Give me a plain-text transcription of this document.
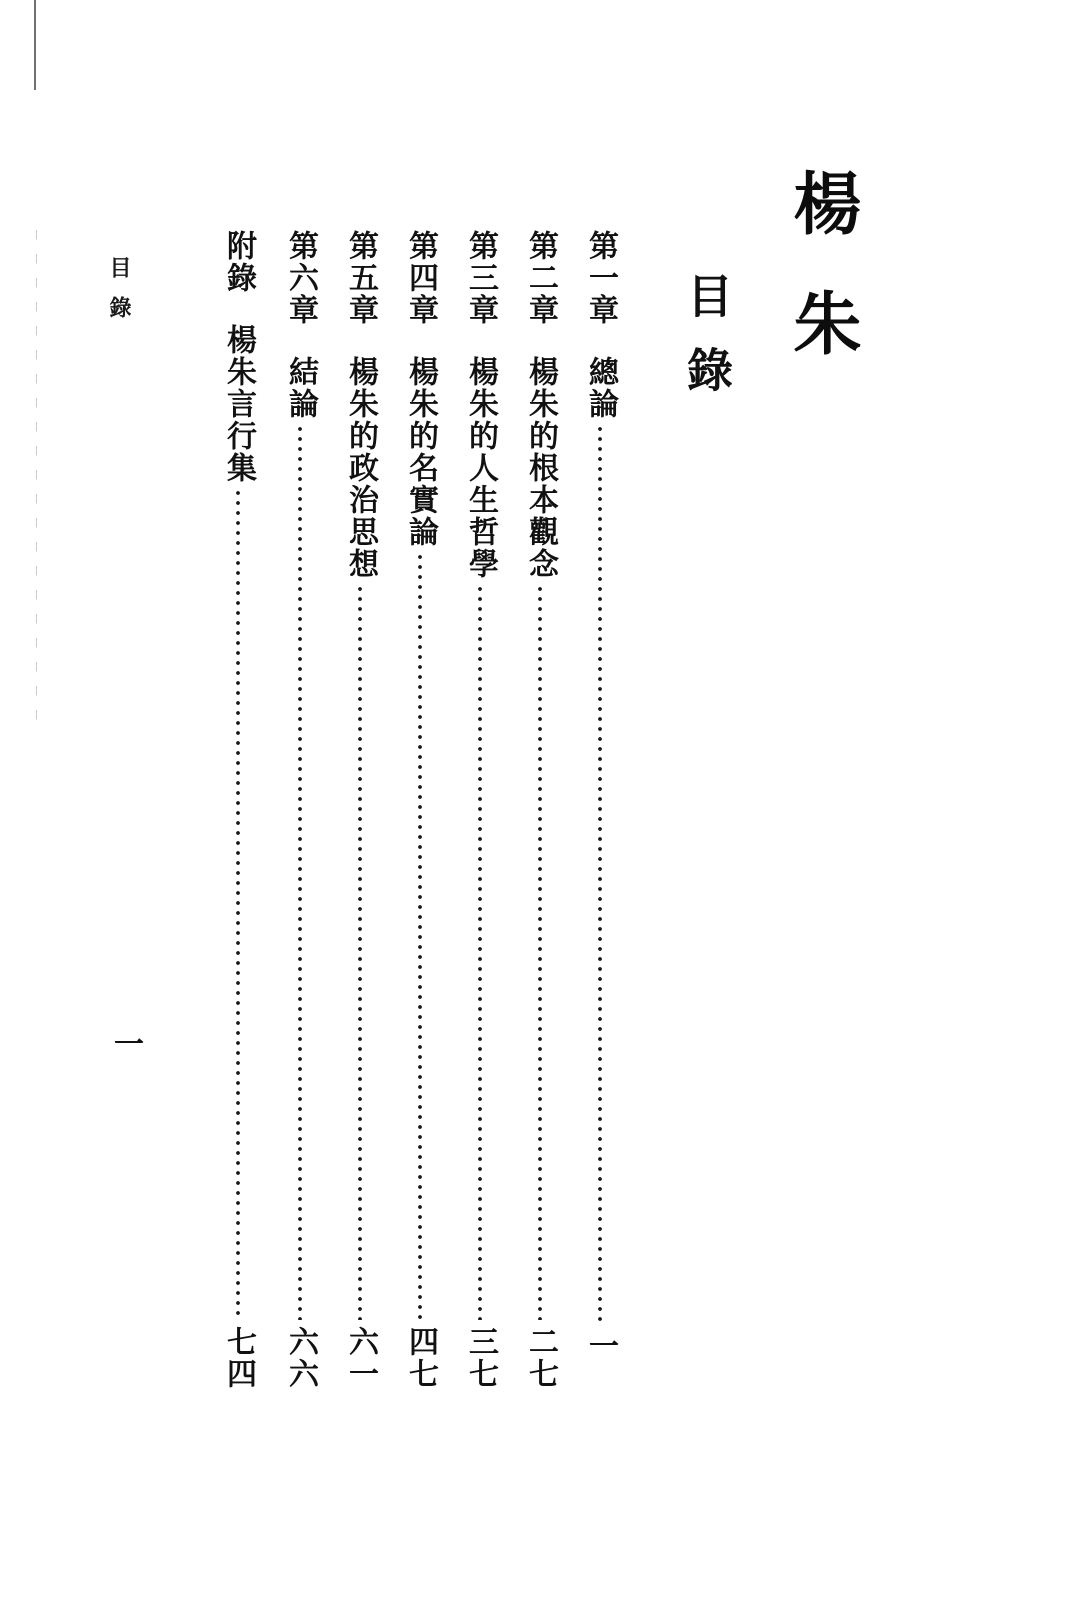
楊朱
目錄
第一章
總論
一
第二章
楊朱的根本觀念
二七
第三章
楊朱的人生哲學
三七
第四章
楊朱的名實論
四七
第五章
楊朱的政治思想
六一
第六章
結論
六六
附錄
楊朱言行集
七四
目錄
一
